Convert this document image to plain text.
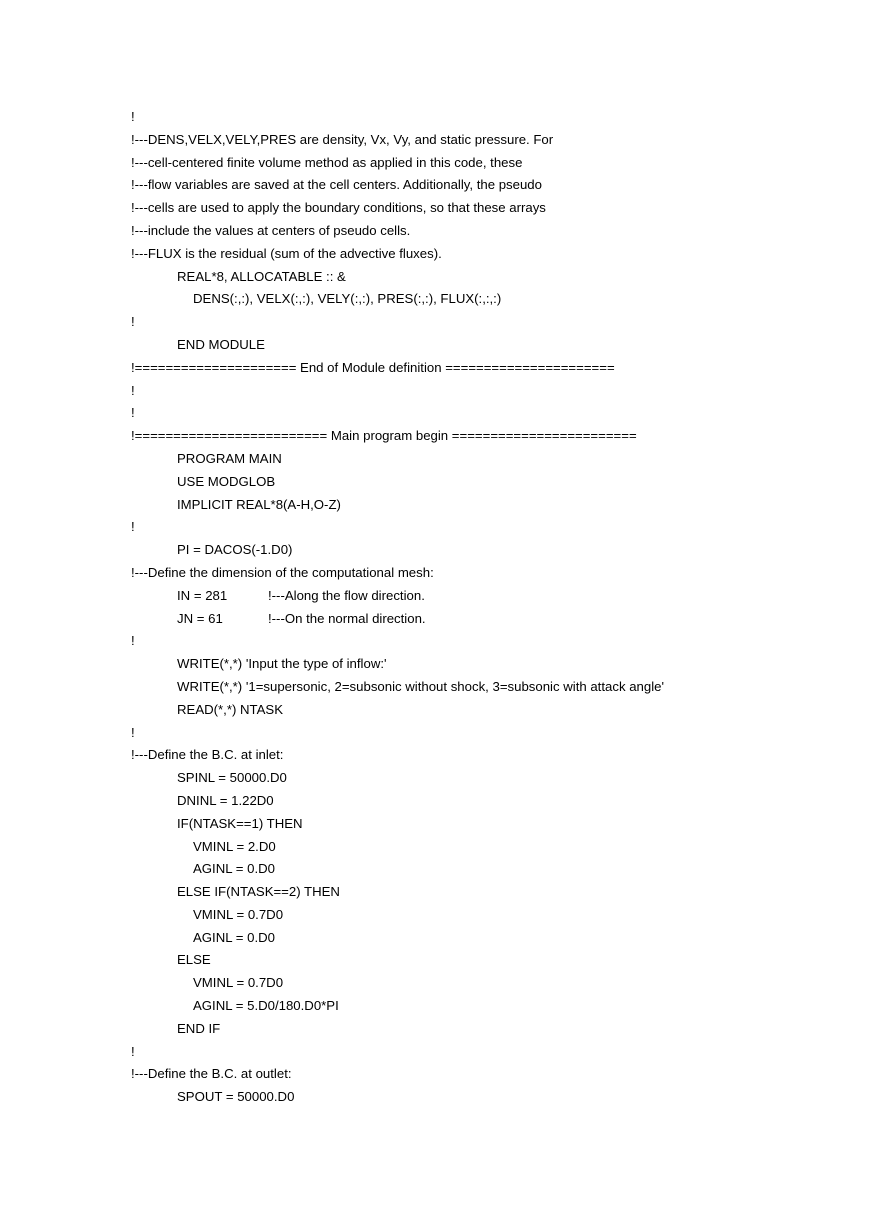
!
!---DENS,VELX,VELY,PRES are density, Vx, Vy, and static pressure. For
!---cell-centered finite volume method as applied in this code, these
!---flow variables are saved at the cell centers. Additionally, the pseudo
!---cells are used to apply the boundary conditions, so that these arrays
!---include the values at centers of pseudo cells.
!---FLUX is the residual (sum of the advective fluxes).
REAL*8, ALLOCATABLE :: &
DENS(:,:), VELX(:,:), VELY(:,:), PRES(:,:), FLUX(:,:,:)
!
END MODULE
!===================== End of Module definition ======================
!
!
!========================= Main program begin ========================
PROGRAM MAIN
USE MODGLOB
IMPLICIT REAL*8(A-H,O-Z)
!
PI = DACOS(-1.D0)
!---Define the dimension of the computational mesh:
IN = 281	!---Along the flow direction.
JN = 61	!---On the normal direction.
!
WRITE(*,*) 'Input the type of inflow:'
WRITE(*,*) '1=supersonic, 2=subsonic without shock, 3=subsonic with attack angle'
READ(*,*) NTASK
!
!---Define the B.C. at inlet:
SPINL = 50000.D0
DNINL = 1.22D0
IF(NTASK==1) THEN
VMINL = 2.D0
AGINL = 0.D0
ELSE IF(NTASK==2) THEN
VMINL = 0.7D0
AGINL = 0.D0
ELSE
VMINL = 0.7D0
AGINL = 5.D0/180.D0*PI
END IF
!
!---Define the B.C. at outlet:
SPOUT = 50000.D0
